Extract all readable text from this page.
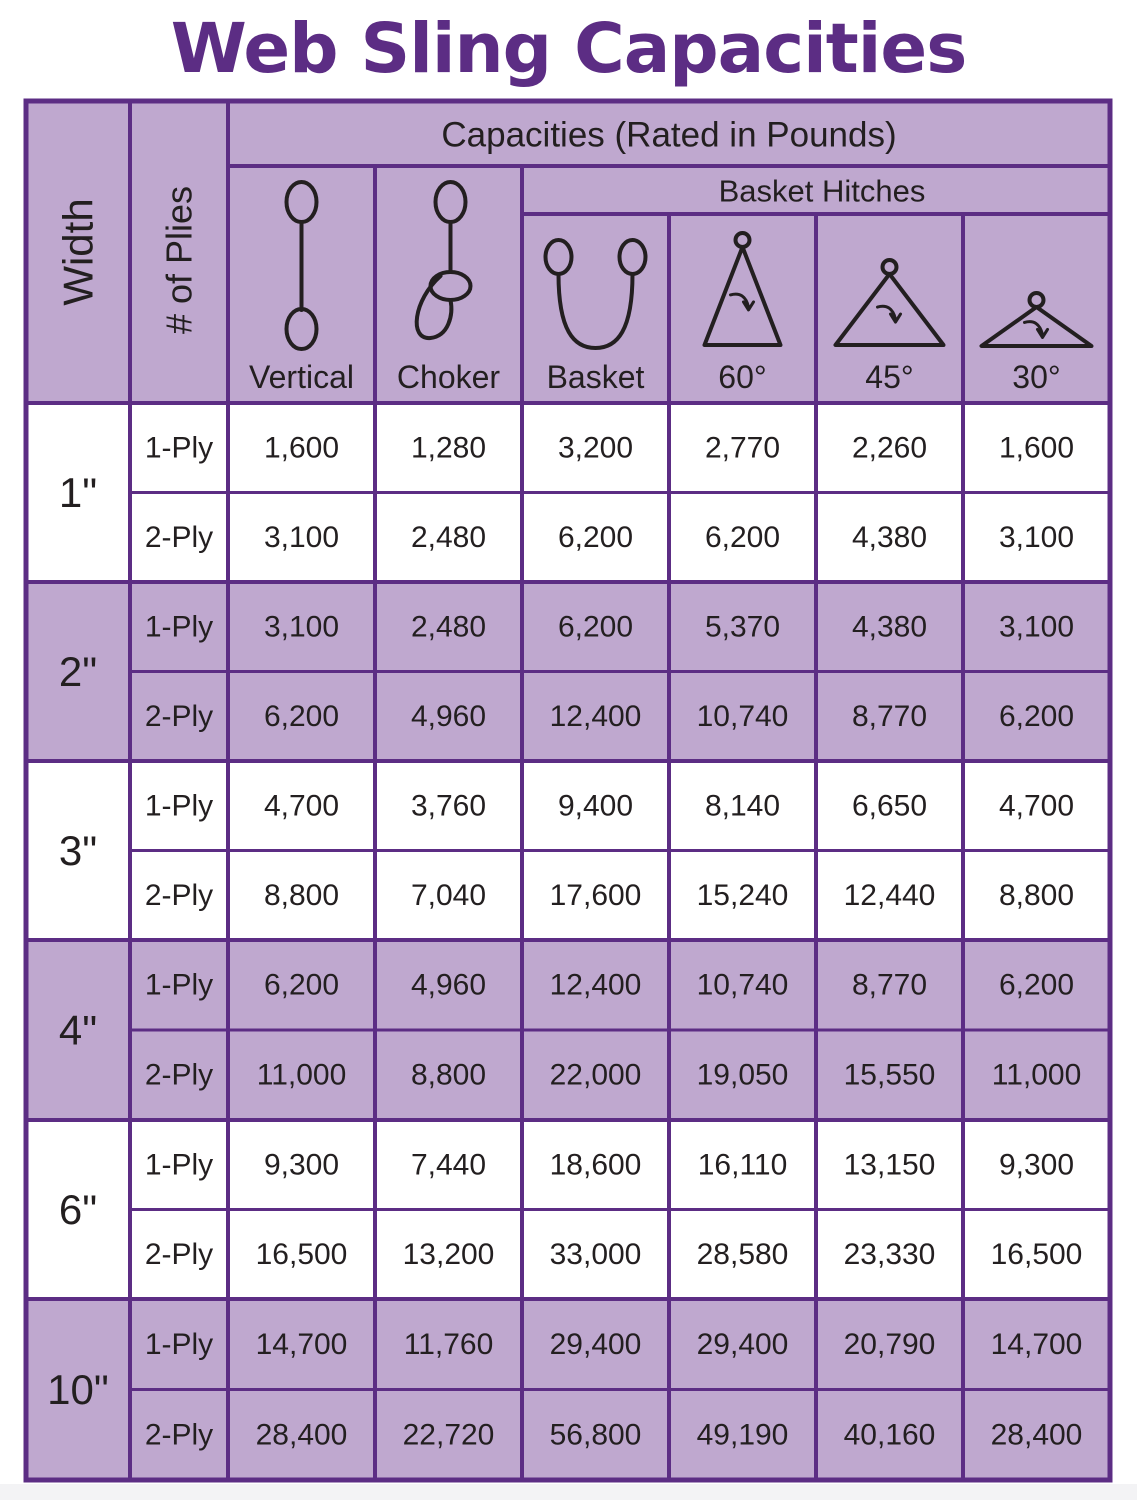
Web Sling Capacities
Width # of Plies
Capacities (Rated in Pounds)
Basket Hitches
Vertical Choker Basket 60°	45°	30°
1"
1-Ply 1,600 1,280 3,200 2,770 2,260 1,600
2-Ply 3,100 2,480 6,200 6,200 4,380 3,100
2"
1-Ply 3,100 2,480 6,200 5,370 4,380 3,100
2-Ply 6,200 4,960 12,400 10,740 8,770 6,200
3"
1-Ply 4,700 3,760 9,400 8,140 6,650 4,700
2-Ply 8,800 7,040 17,600 15,240 12,440 8,800
4"
1-Ply 6,200 4,960 12,400 10,740 8,770 6,200
2-Ply 11,000 8,800 22,000 19,050 15,550 11,000
6"
1-Ply 9,300 7,440 18,600 16,110 13,150 9,300
2-Ply 16,500 13,200 33,000 28,580 23,330 16,500
10"
1-Ply 14,700 11,760 29,400 29,400 20,790 14,700
2-Ply 28,400 22,720 56,800 49,190 40,160 28,400
